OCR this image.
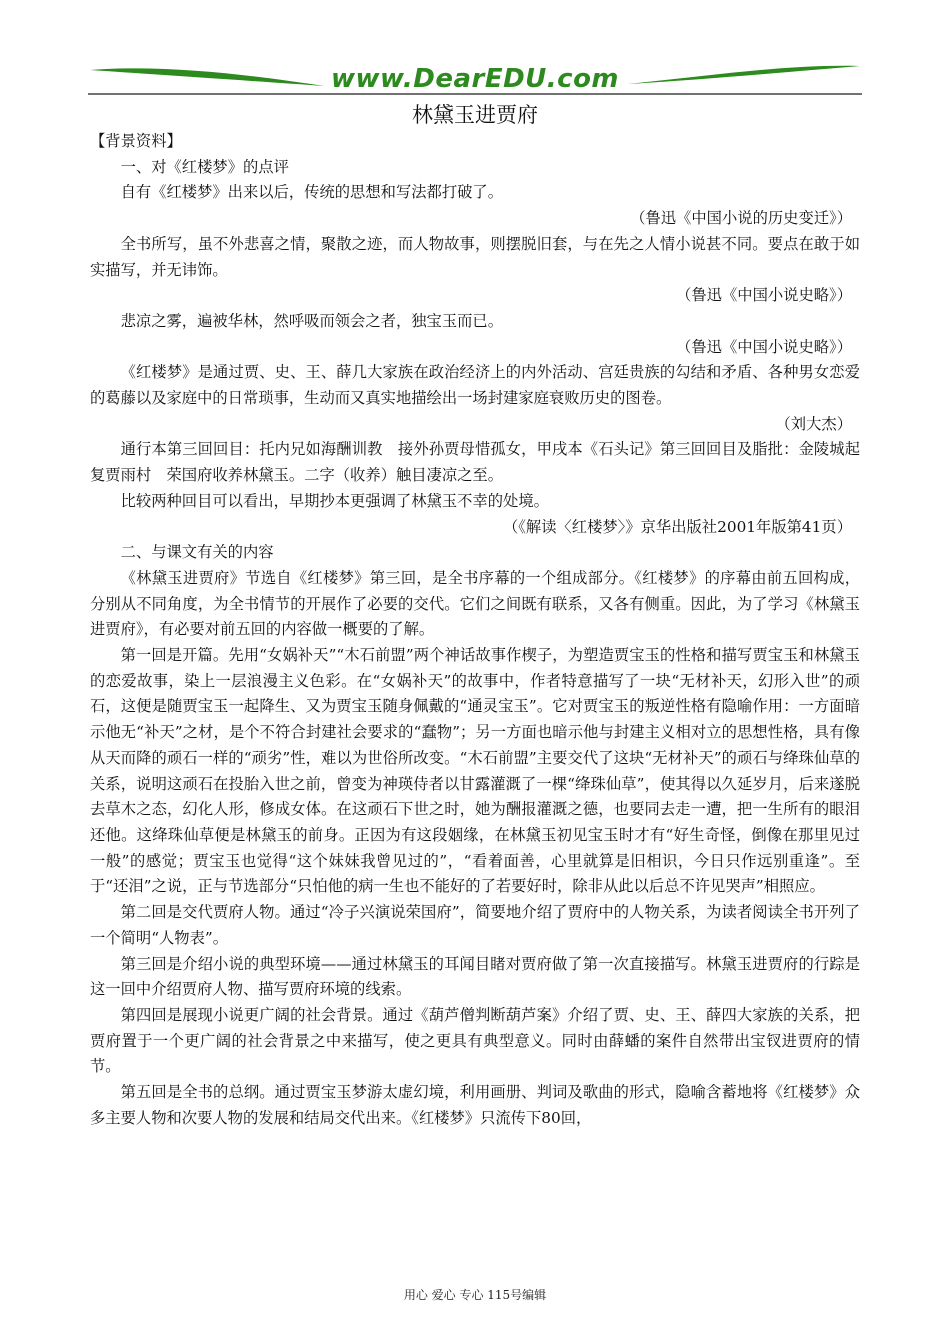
www.DearEDU.com
林黛玉进贾府

【背景资料】

一、对《红楼梦》的点评

自有《红楼梦》出来以后，传统的思想和写法都打破了。

（鲁迅《中国小说的历史变迁》）

全书所写，虽不外悲喜之情，聚散之迹，而人物故事，则摆脱旧套，与在先之人情小说甚不同。要点在敢于如实描写，并无讳饰。

（鲁迅《中国小说史略》）

悲凉之雾，遍被华林，然呼吸而领会之者，独宝玉而已。

（鲁迅《中国小说史略》）

《红楼梦》是通过贾、史、王、薛几大家族在政治经济上的内外活动、宫廷贵族的勾结和矛盾、各种男女恋爱的葛藤以及家庭中的日常琐事，生动而又真实地描绘出一场封建家庭衰败历史的图卷。

（刘大杰）

通行本第三回回目：托内兄如海酬训教　接外孙贾母惜孤女，甲戌本《石头记》第三回回目及脂批：金陵城起复贾雨村　荣国府收养林黛玉。二字（收养）触目凄凉之至。

比较两种回目可以看出，早期抄本更强调了林黛玉不幸的处境。

（《解读〈红楼梦〉》京华出版社2001年版第41页）

二、与课文有关的内容

《林黛玉进贾府》节选自《红楼梦》第三回，是全书序幕的一个组成部分。《红楼梦》的序幕由前五回构成，分别从不同角度，为全书情节的开展作了必要的交代。它们之间既有联系，又各有侧重。因此，为了学习《林黛玉进贾府》，有必要对前五回的内容做一概要的了解。

第一回是开篇。先用“女娲补天”“木石前盟”两个神话故事作楔子，为塑造贾宝玉的性格和描写贾宝玉和林黛玉的恋爱故事，染上一层浪漫主义色彩。在“女娲补天”的故事中，作者特意描写了一块“无材补天，幻形入世”的顽石，这便是随贾宝玉一起降生、又为贾宝玉随身佩戴的“通灵宝玉”。它对贾宝玉的叛逆性格有隐喻作用：一方面暗示他无“补天”之材，是个不符合封建社会要求的“蠢物”；另一方面也暗示他与封建主义相对立的思想性格，具有像从天而降的顽石一样的“顽劣”性，难以为世俗所改变。“木石前盟”主要交代了这块“无材补天”的顽石与绛珠仙草的关系，说明这顽石在投胎入世之前，曾变为神瑛侍者以甘露灌溉了一棵“绛珠仙草”，使其得以久延岁月，后来遂脱去草木之态，幻化人形，修成女体。在这顽石下世之时，她为酬报灌溉之德，也要同去走一遭，把一生所有的眼泪还他。这绛珠仙草便是林黛玉的前身。正因为有这段姻缘，在林黛玉初见宝玉时才有“好生奇怪，倒像在那里见过一般”的感觉；贾宝玉也觉得“这个妹妹我曾见过的”，“看着面善，心里就算是旧相识，今日只作远别重逢”。至于“还泪”之说，正与节选部分“只怕他的病一生也不能好的了若要好时，除非从此以后总不许见哭声”相照应。

第二回是交代贾府人物。通过“冷子兴演说荣国府”，简要地介绍了贾府中的人物关系，为读者阅读全书开列了一个简明“人物表”。

第三回是介绍小说的典型环境——通过林黛玉的耳闻目睹对贾府做了第一次直接描写。林黛玉进贾府的行踪是这一回中介绍贾府人物、描写贾府环境的线索。

第四回是展现小说更广阔的社会背景。通过《葫芦僧判断葫芦案》介绍了贾、史、王、薛四大家族的关系，把贾府置于一个更广阔的社会背景之中来描写，使之更具有典型意义。同时由薛蟠的案件自然带出宝钗进贾府的情节。

第五回是全书的总纲。通过贾宝玉梦游太虚幻境，利用画册、判词及歌曲的形式，隐喻含蓄地将《红楼梦》众多主要人物和次要人物的发展和结局交代出来。《红楼梦》只流传下80回，

用心 爱心 专心 115号编辑
